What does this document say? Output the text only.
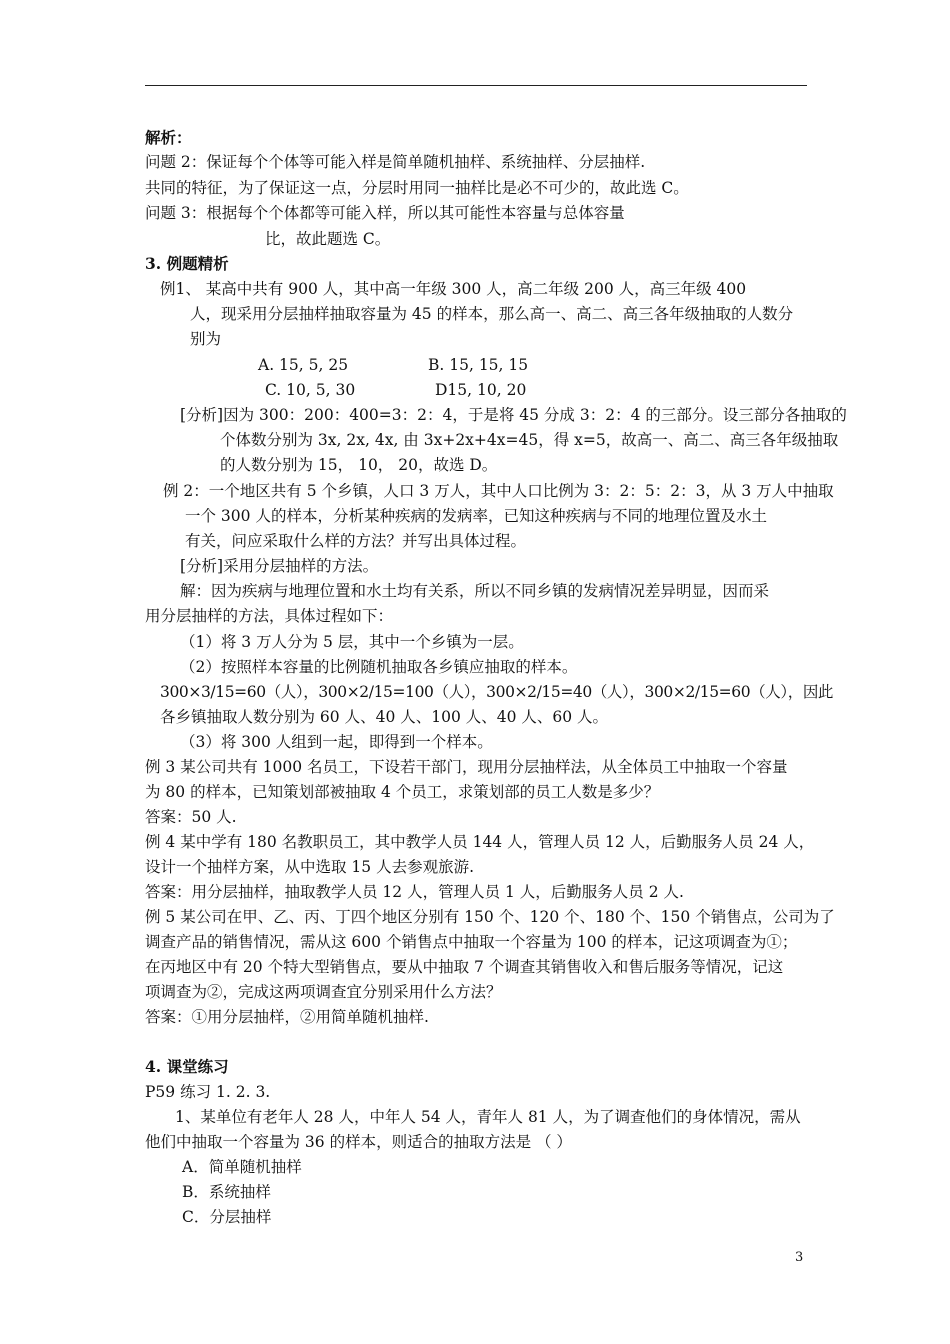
解析：
问题 2：保证每个个体等可能入样是简单随机抽样、系统抽样、分层抽样.
共同的特征，为了保证这一点，分层时用同一抽样比是必不可少的，故此选 C。
问题 3：根据每个个体都等可能入样，所以其可能性本容量与总体容量
比，故此题选 C。
3. 例题精析
例1、 某高中共有 900 人，其中高一年级 300 人，高二年级 200 人，高三年级 400
人，现采用分层抽样抽取容量为 45 的样本，那么高一、高二、高三各年级抽取的人数分
别为
A. 15, 5, 25	B. 15, 15, 15
C. 10, 5, 30	D15, 10, 20
[分析]因为 300：200：400=3：2：4，于是将 45 分成 3：2：4 的三部分。设三部分各抽取的
个体数分别为 3x, 2x, 4x, 由 3x+2x+4x=45，得 x=5，故高一、高二、高三各年级抽取
的人数分别为 15， 10， 20，故选 D。
例 2：一个地区共有 5 个乡镇，人口 3 万人，其中人口比例为 3：2：5：2：3，从 3 万人中抽取
一个 300 人的样本，分析某种疾病的发病率，已知这种疾病与不同的地理位置及水土
有关，问应采取什么样的方法？并写出具体过程。
[分析]采用分层抽样的方法。
解：因为疾病与地理位置和水土均有关系，所以不同乡镇的发病情况差异明显，因而采
用分层抽样的方法，具体过程如下：
（1）将 3 万人分为 5 层，其中一个乡镇为一层。
（2）按照样本容量的比例随机抽取各乡镇应抽取的样本。
300×3/15=60（人），300×2/15=100（人），300×2/15=40（人），300×2/15=60（人），因此
各乡镇抽取人数分别为 60 人、40 人、100 人、40 人、60 人。
（3）将 300 人组到一起，即得到一个样本。
例 3 某公司共有 1000 名员工，下设若干部门，现用分层抽样法，从全体员工中抽取一个容量
为 80 的样本，已知策划部被抽取 4 个员工，求策划部的员工人数是多少？
答案：50 人.
例 4 某中学有 180 名教职员工，其中教学人员 144 人，管理人员 12 人，后勤服务人员 24 人，
设计一个抽样方案，从中选取 15 人去参观旅游.
答案：用分层抽样，抽取教学人员 12 人，管理人员 1 人，后勤服务人员 2 人.
例 5 某公司在甲、乙、丙、丁四个地区分别有 150 个、120 个、180 个、150 个销售点，公司为了
调查产品的销售情况，需从这 600 个销售点中抽取一个容量为 100 的样本，记这项调查为①；
在丙地区中有 20 个特大型销售点，要从中抽取 7 个调查其销售收入和售后服务等情况，记这
项调查为②，完成这两项调查宜分别采用什么方法？
答案：①用分层抽样，②用简单随机抽样.
4. 课堂练习
P59 练习 1. 2. 3.
1、某单位有老年人 28 人，中年人 54 人，青年人 81 人，为了调查他们的身体情况，需从
他们中抽取一个容量为 36 的样本，则适合的抽取方法是 （ ）
A．简单随机抽样
B．系统抽样
C．分层抽样
3
